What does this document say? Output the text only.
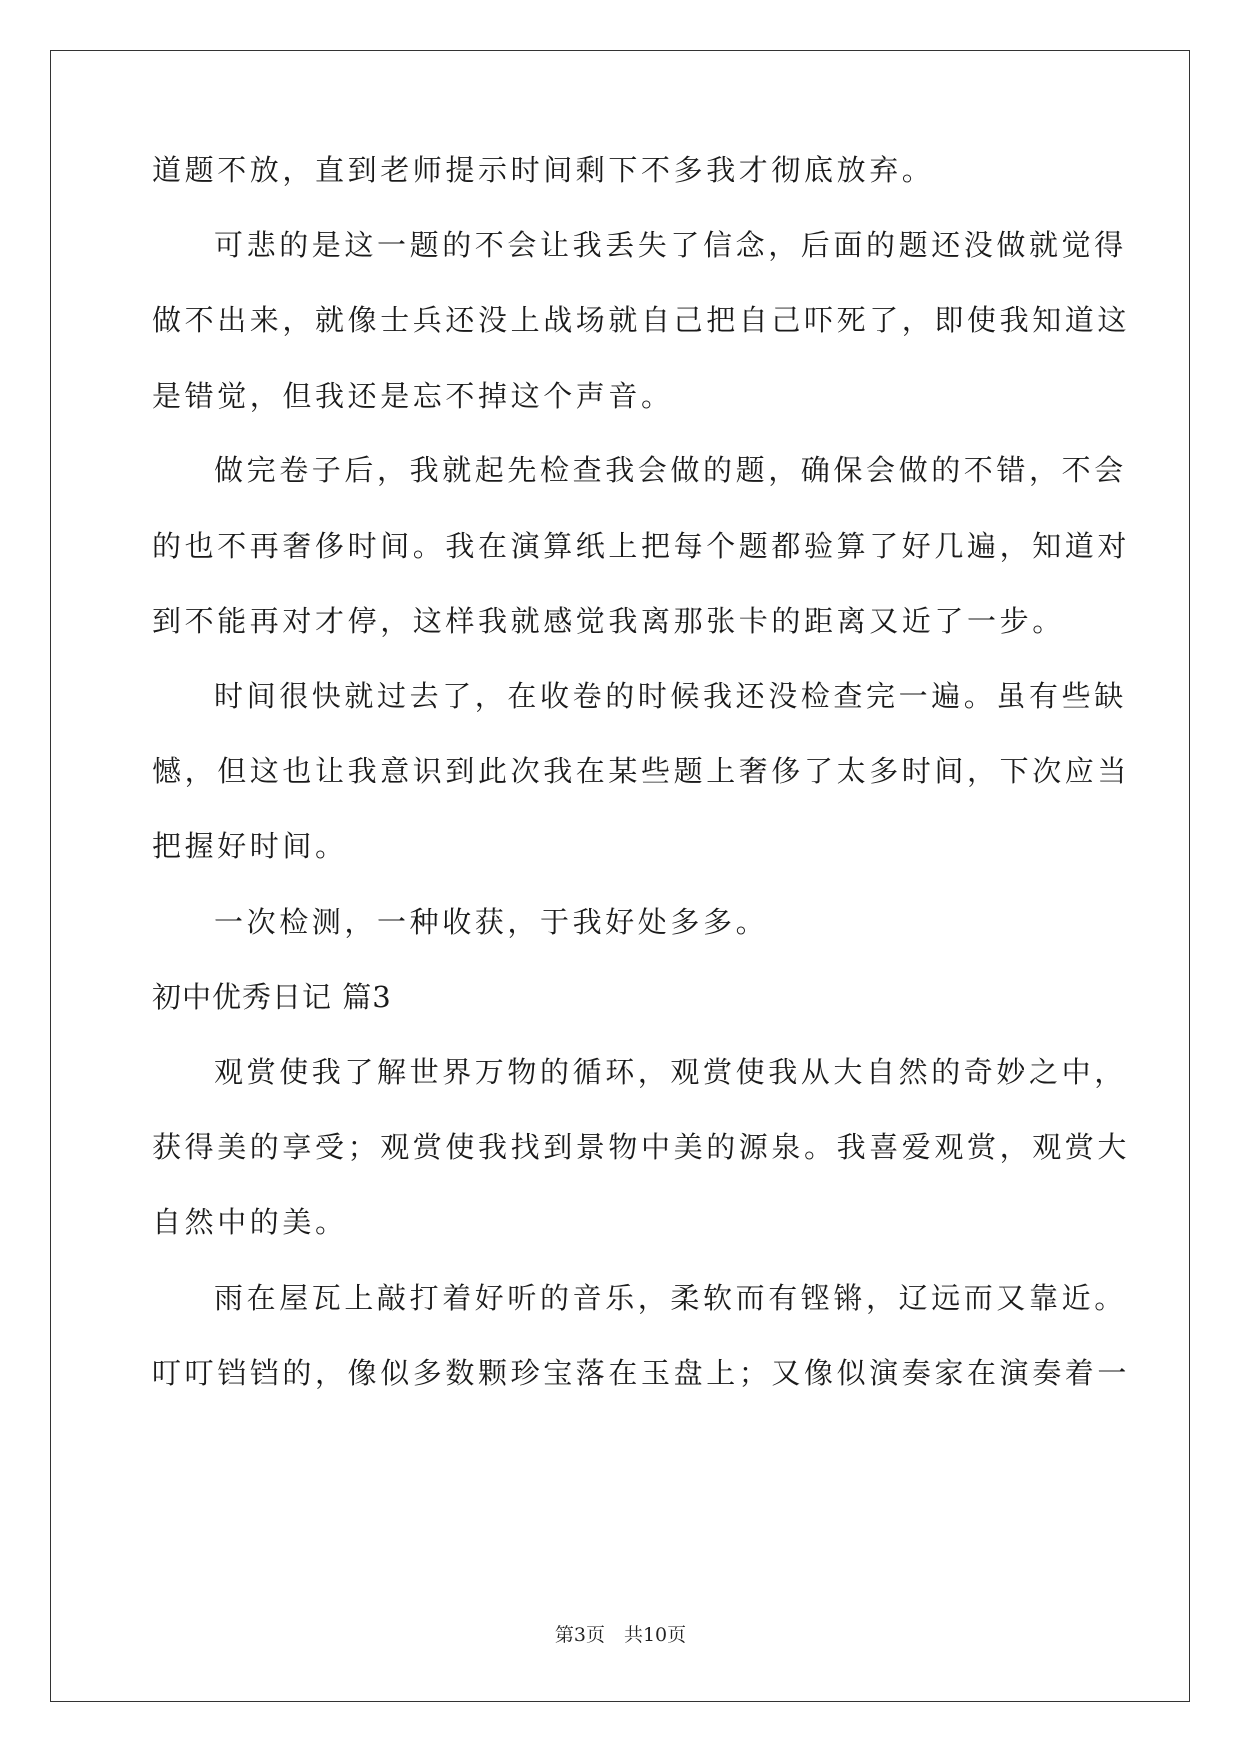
道题不放，直到老师提示时间剩下不多我才彻底放弃。
可悲的是这一题的不会让我丢失了信念，后面的题还没做就觉得
做不出来，就像士兵还没上战场就自己把自己吓死了，即使我知道这
是错觉，但我还是忘不掉这个声音。
做完卷子后，我就起先检查我会做的题，确保会做的不错，不会
的也不再奢侈时间。我在演算纸上把每个题都验算了好几遍，知道对
到不能再对才停，这样我就感觉我离那张卡的距离又近了一步。
时间很快就过去了，在收卷的时候我还没检查完一遍。虽有些缺
憾，但这也让我意识到此次我在某些题上奢侈了太多时间，下次应当
把握好时间。
一次检测，一种收获，于我好处多多。
初中优秀日记 篇3
观赏使我了解世界万物的循环，观赏使我从大自然的奇妙之中，
获得美的享受；观赏使我找到景物中美的源泉。我喜爱观赏，观赏大
自然中的美。
雨在屋瓦上敲打着好听的音乐，柔软而有铿锵，辽远而又靠近。
叮叮铛铛的，像似多数颗珍宝落在玉盘上；又像似演奏家在演奏着一
第3页　共10页
